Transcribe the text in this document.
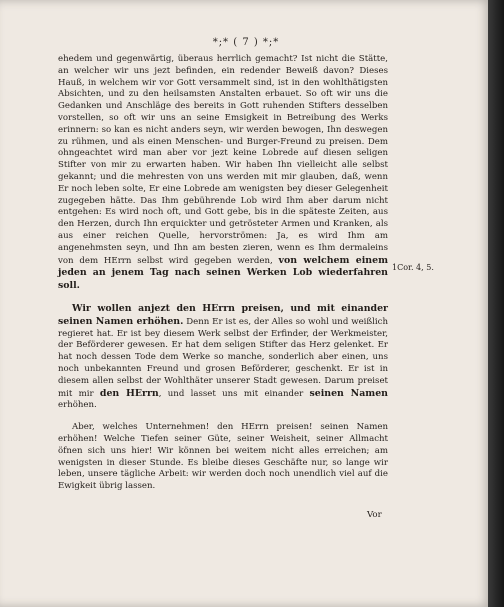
*;* ( 7 ) *;*

ehedem und gegenwärtig, überaus herrlich gemacht? Ist nicht die Stätte, an welcher wir uns jezt befinden, ein redender Beweiß davon? Dieses Hauß, in welchem wir vor Gott versammelt sind, ist in den wohlthätigsten Absichten, und zu den heilsamsten Anstalten erbauet. So oft wir uns die Gedanken und Anschläge des bereits in Gott ruhenden Stifters desselben vorstellen, so oft wir uns an seine Emsigkeit in Betreibung des Werks erinnern: so kan es nicht anders seyn, wir werden bewogen, Ihn deswegen zu rühmen, und als einen Menschen- und Burger-Freund zu preisen. Dem ohngeachtet wird man aber vor jezt keine Lobrede auf diesen seligen Stifter von mir zu erwarten haben. Wir haben Ihn vielleicht alle selbst gekannt; und die mehresten von uns werden mit mir glauben, daß, wenn Er noch leben solte, Er eine Lobrede am wenigsten bey dieser Gelegenheit zugegeben hätte. Das Ihm gebührende Lob wird Ihm aber darum nicht entgehen: Es wird noch oft, und Gott gebe, bis in die späteste Zeiten, aus den Herzen, durch Ihn erquickter und getrösteter Armen und Kranken, als aus einer reichen Quelle, hervorströmen: Ja, es wird Ihm am angenehmsten seyn, und Ihn am besten zieren, wenn es Ihm dermaleins von dem HErrn selbst wird gegeben werden, von welchem einem jeden an jenem Tag nach seinen Werken Lob wiederfahren soll.

Wir wollen anjezt den HErrn preisen, und mit einander seinen Namen erhöhen. Denn Er ist es, der Alles so wohl und weißlich regieret hat. Er ist bey diesem Werk selbst der Erfinder, der Werkmeister, der Beförderer gewesen. Er hat dem seligen Stifter das Herz gelenket. Er hat noch dessen Tode dem Werke so manche, sonderlich aber einen, uns noch unbekannten Freund und grosen Beförderer, geschenkt. Er ist in diesem allen selbst der Wohlthäter unserer Stadt gewesen. Darum preiset mit mir den HErrn, und lasset uns mit einander seinen Namen erhöhen.

Aber, welches Unternehmen! den HErrn preisen! seinen Namen erhöhen! Welche Tiefen seiner Güte, seiner Weisheit, seiner Allmacht öfnen sich uns hier! Wir können bei weitem nicht alles erreichen; am wenigsten in dieser Stunde. Es bleibe dieses Geschäfte nur, so lange wir leben, unsere tägliche Arbeit: wir werden doch noch unendlich viel auf die Ewigkeit übrig lassen.

1Cor. 4, 5.
Vor
